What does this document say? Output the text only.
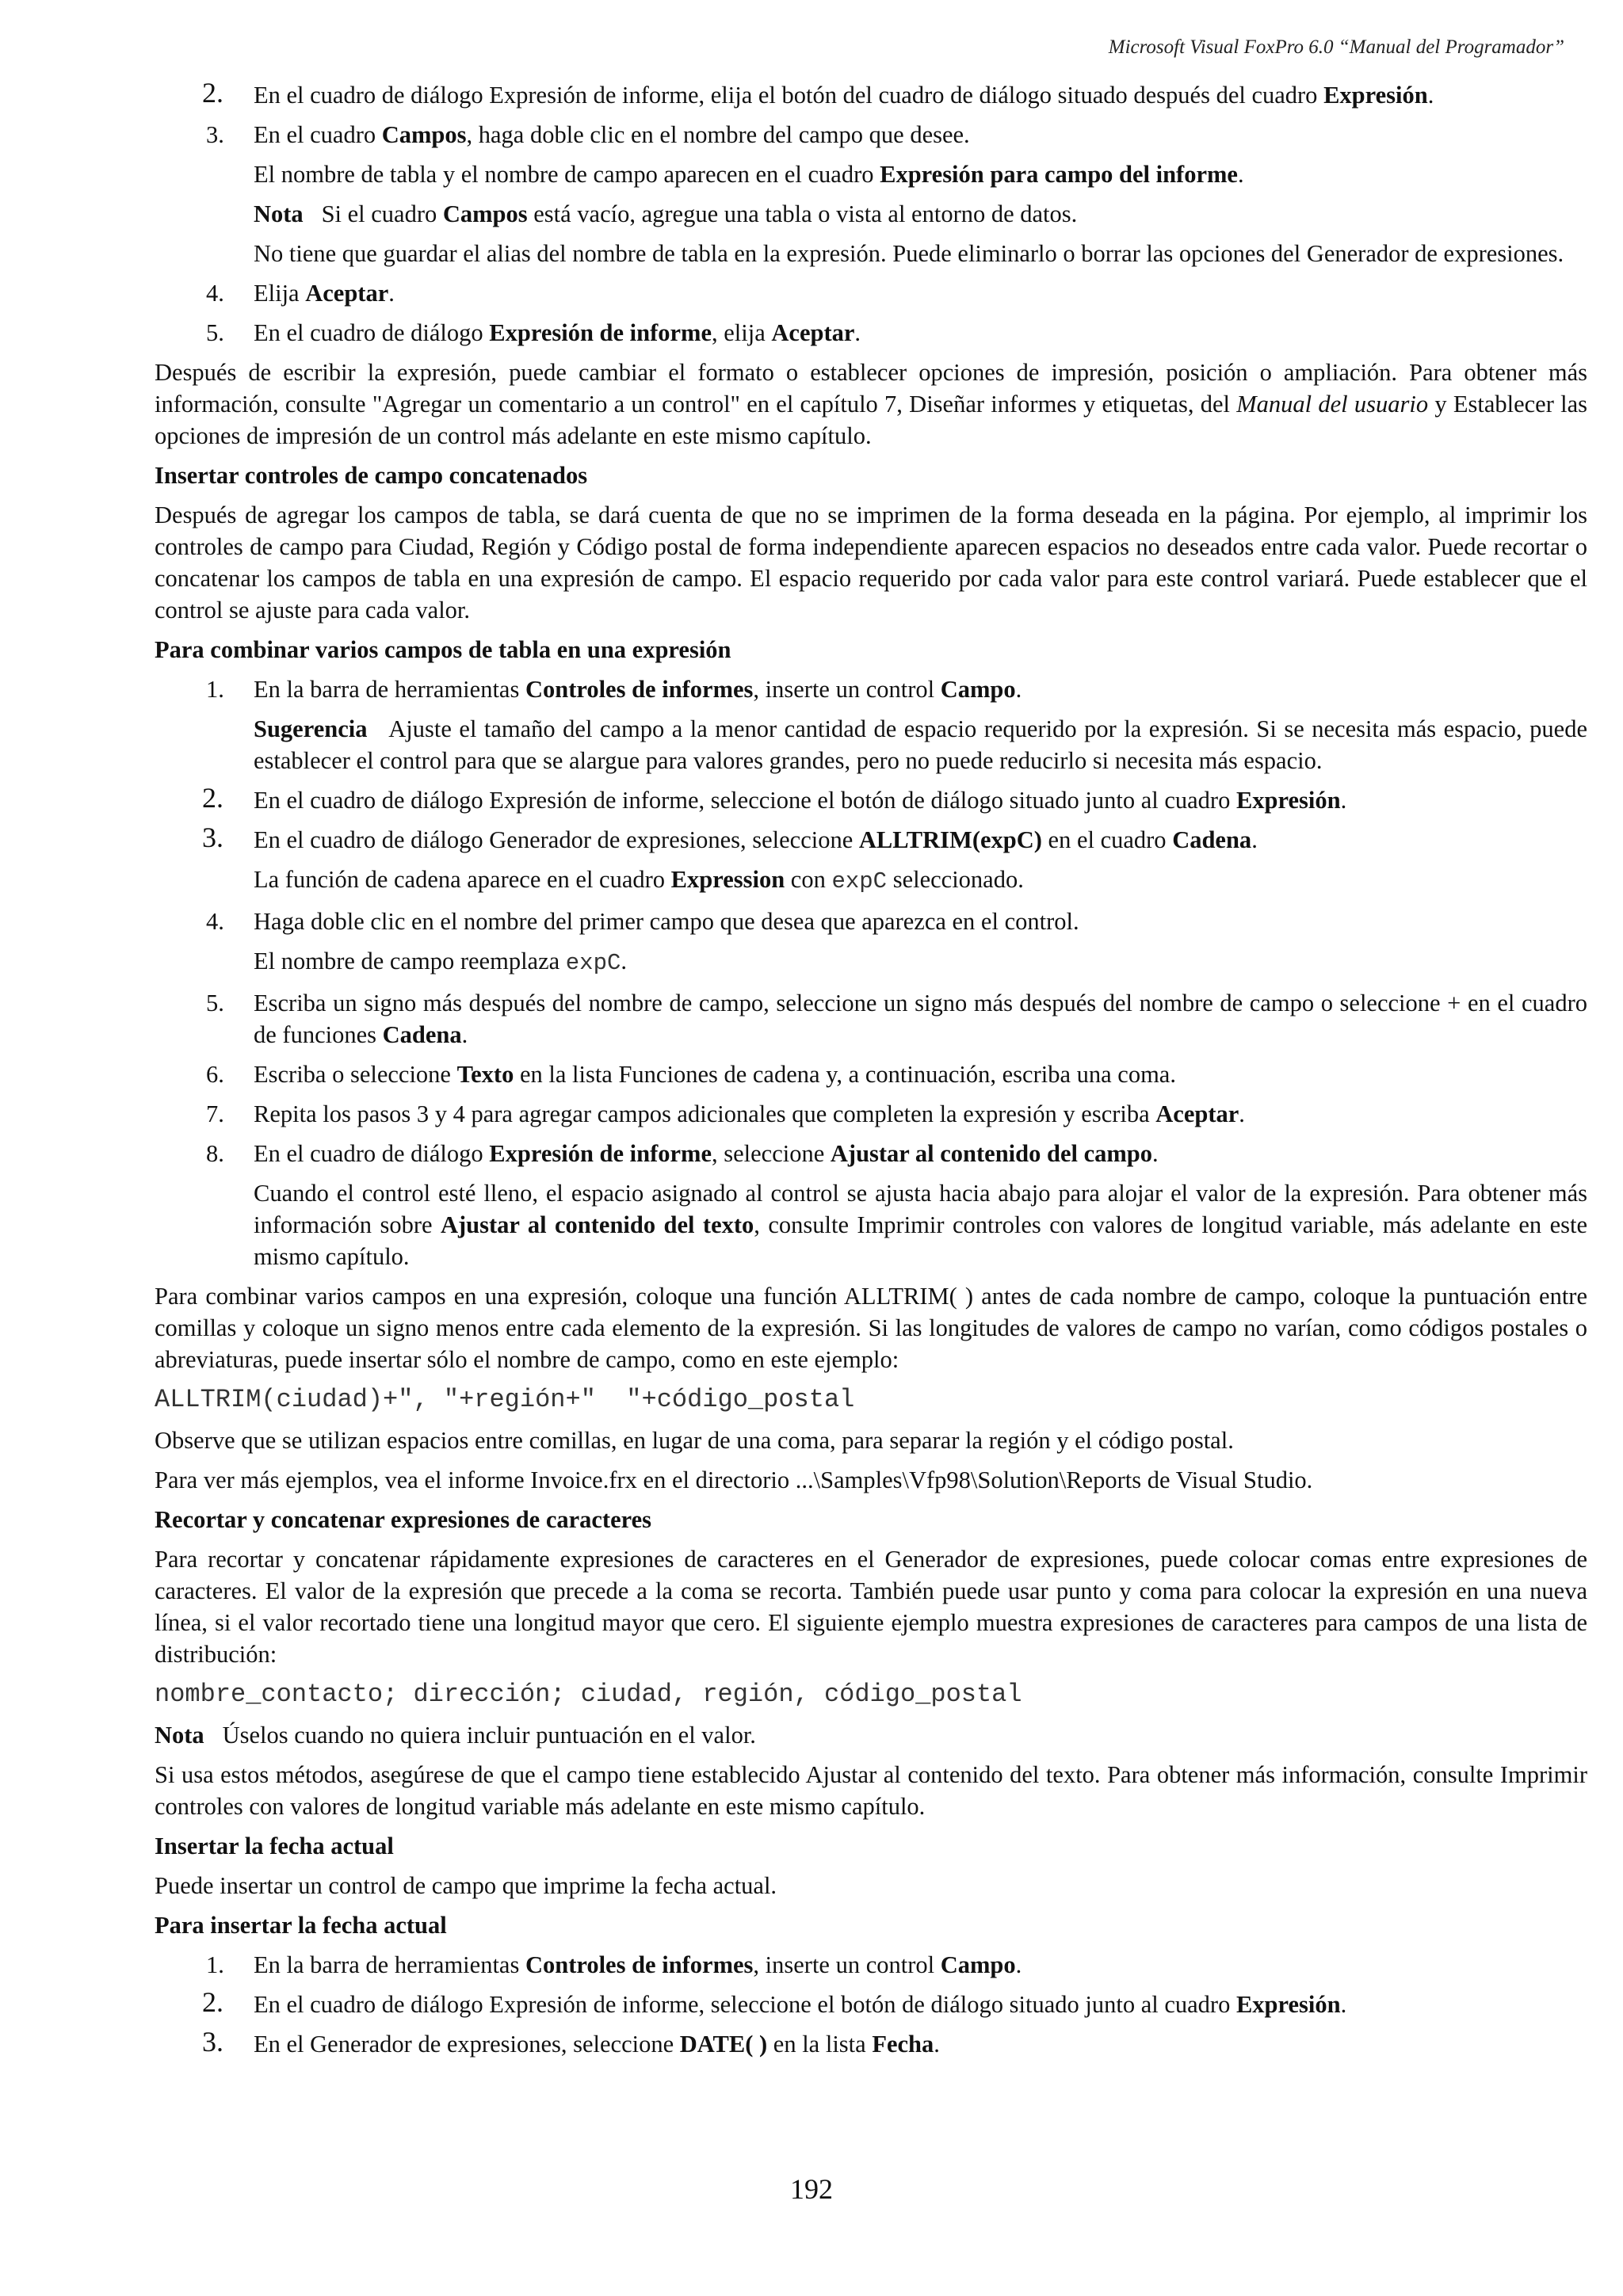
Microsoft Visual FoxPro 6.0 “Manual del Programador”
2. En el cuadro de diálogo Expresión de informe, elija el botón del cuadro de diálogo situado después del cuadro Expresión.
3. En el cuadro Campos, haga doble clic en el nombre del campo que desee.
El nombre de tabla y el nombre de campo aparecen en el cuadro Expresión para campo del informe.
Nota Si el cuadro Campos está vacío, agregue una tabla o vista al entorno de datos.
No tiene que guardar el alias del nombre de tabla en la expresión. Puede eliminarlo o borrar las opciones del Generador de expresiones.
4. Elija Aceptar.
5. En el cuadro de diálogo Expresión de informe, elija Aceptar.

Después de escribir la expresión, puede cambiar el formato o establecer opciones de impresión, posición o ampliación. Para obtener más información, consulte "Agregar un comentario a un control" en el capítulo 7, Diseñar informes y etiquetas, del Manual del usuario y Establecer las opciones de impresión de un control más adelante en este mismo capítulo.

Insertar controles de campo concatenados

Después de agregar los campos de tabla, se dará cuenta de que no se imprimen de la forma deseada en la página. Por ejemplo, al imprimir los controles de campo para Ciudad, Región y Código postal de forma independiente aparecen espacios no deseados entre cada valor. Puede recortar o concatenar los campos de tabla en una expresión de campo. El espacio requerido por cada valor para este control variará. Puede establecer que el control se ajuste para cada valor.

Para combinar varios campos de tabla en una expresión

1. En la barra de herramientas Controles de informes, inserte un control Campo.
Sugerencia Ajuste el tamaño del campo a la menor cantidad de espacio requerido por la expresión. Si se necesita más espacio, puede establecer el control para que se alargue para valores grandes, pero no puede reducirlo si necesita más espacio.
2. En el cuadro de diálogo Expresión de informe, seleccione el botón de diálogo situado junto al cuadro Expresión.
3. En el cuadro de diálogo Generador de expresiones, seleccione ALLTRIM(expC) en el cuadro Cadena.
La función de cadena aparece en el cuadro Expression con expC seleccionado.
4. Haga doble clic en el nombre del primer campo que desea que aparezca en el control.
El nombre de campo reemplaza expC.
5. Escriba un signo más después del nombre de campo, seleccione un signo más después del nombre de campo o seleccione + en el cuadro de funciones Cadena.
6. Escriba o seleccione Texto en la lista Funciones de cadena y, a continuación, escriba una coma.
7. Repita los pasos 3 y 4 para agregar campos adicionales que completen la expresión y escriba Aceptar.
8. En el cuadro de diálogo Expresión de informe, seleccione Ajustar al contenido del campo.
Cuando el control esté lleno, el espacio asignado al control se ajusta hacia abajo para alojar el valor de la expresión. Para obtener más información sobre Ajustar al contenido del texto, consulte Imprimir controles con valores de longitud variable, más adelante en este mismo capítulo.

Para combinar varios campos en una expresión, coloque una función ALLTRIM( ) antes de cada nombre de campo, coloque la puntuación entre comillas y coloque un signo menos entre cada elemento de la expresión. Si las longitudes de valores de campo no varían, como códigos postales o abreviaturas, puede insertar sólo el nombre de campo, como en este ejemplo:

ALLTRIM(ciudad)+", "+región+"  "+código_postal

Observe que se utilizan espacios entre comillas, en lugar de una coma, para separar la región y el código postal.

Para ver más ejemplos, vea el informe Invoice.frx en el directorio ...\Samples\Vfp98\Solution\Reports de Visual Studio.

Recortar y concatenar expresiones de caracteres

Para recortar y concatenar rápidamente expresiones de caracteres en el Generador de expresiones, puede colocar comas entre expresiones de caracteres. El valor de la expresión que precede a la coma se recorta. También puede usar punto y coma para colocar la expresión en una nueva línea, si el valor recortado tiene una longitud mayor que cero. El siguiente ejemplo muestra expresiones de caracteres para campos de una lista de distribución:

nombre_contacto; dirección; ciudad, región, código_postal

Nota Úselos cuando no quiera incluir puntuación en el valor.

Si usa estos métodos, asegúrese de que el campo tiene establecido Ajustar al contenido del texto. Para obtener más información, consulte Imprimir controles con valores de longitud variable más adelante en este mismo capítulo.

Insertar la fecha actual

Puede insertar un control de campo que imprime la fecha actual.

Para insertar la fecha actual

1. En la barra de herramientas Controles de informes, inserte un control Campo.
2. En el cuadro de diálogo Expresión de informe, seleccione el botón de diálogo situado junto al cuadro Expresión.
3. En el Generador de expresiones, seleccione DATE( ) en la lista Fecha.
192
